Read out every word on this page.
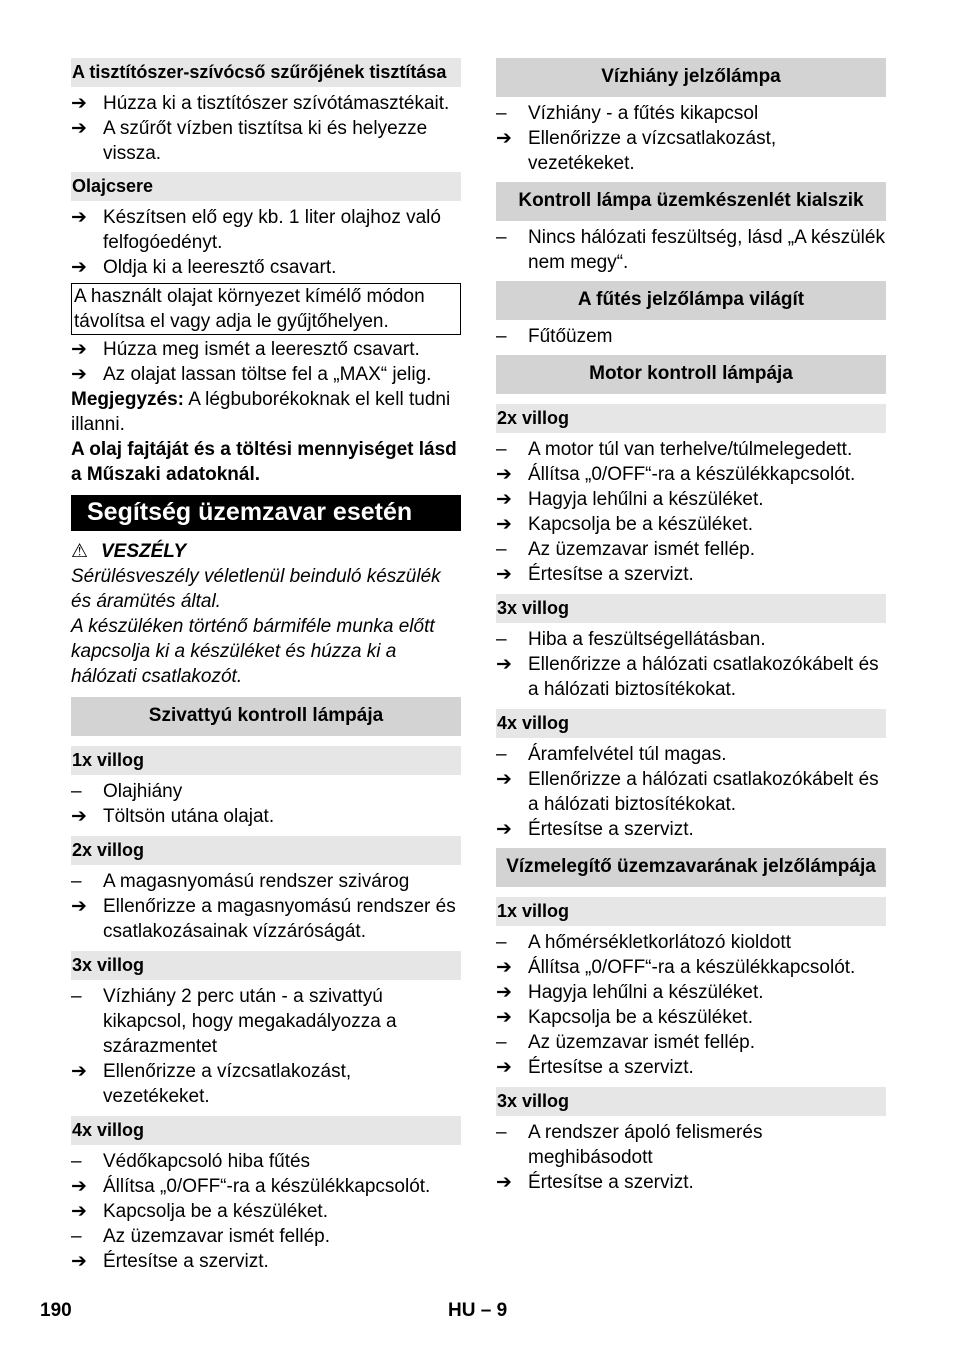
A tisztítószer-szívócső szűrőjének tisztítása
➔ Húzza ki a tisztítószer szívótámasztékait.
➔ A szűrőt vízben tisztítsa ki és helyezze vissza.
Olajcsere
➔ Készítsen elő egy kb. 1 liter olajhoz való felfogóedényt.
➔ Oldja ki a leeresztő csavart.
A használt olajat környezet kímélő módon távolítsa el vagy adja le gyűjtőhelyen.
➔ Húzza meg ismét a leeresztő csavart.
➔ Az olajat lassan töltse fel a „MAX“ jelig.

Megjegyzés: A légbuborékoknak el kell tudni illanni.

A olaj fajtáját és a töltési mennyiséget lásd a Műszaki adatoknál.

Segítség üzemzavar esetén
⚠ VESZÉLY

Sérülésveszély véletlenül beinduló készülék és áramütés által.

A készüléken történő bármiféle munka előtt kapcsolja ki a készüléket és húzza ki a hálózati csatlakozót.

Szivattyú kontroll lámpája
1x villog
–	Olajhiány
➔ Töltsön utána olajat.
2x villog
–	A magasnyomású rendszer szivárog
➔ Ellenőrizze a magasnyomású rendszer és csatlakozásainak vízzáróságát.
3x villog
–	Vízhiány 2 perc után - a szivattyú kikapcsol, hogy megakadályozza a szárazmentet
➔ Ellenőrizze a vízcsatlakozást, vezetékeket.
4x villog
–	Védőkapcsoló hiba fűtés
➔ Állítsa „0/OFF“-ra a készülékkapcsolót.
➔ Kapcsolja be a készüléket.
–	Az üzemzavar ismét fellép.
➔ Értesítse a szervizt.
Vízhiány jelzőlámpa
–	Vízhiány - a fűtés kikapcsol
➔ Ellenőrizze a vízcsatlakozást, vezetékeket.
Kontroll lámpa üzemkészenlét kialszik
–	Nincs hálózati feszültség, lásd „A készülék nem megy“.
A fűtés jelzőlámpa világít
–	Fűtőüzem
Motor kontroll lámpája
2x villog
–	A motor túl van terhelve/túlmelegedett.
➔ Állítsa „0/OFF“-ra a készülékkapcsolót.
➔ Hagyja lehűlni a készüléket.
➔ Kapcsolja be a készüléket.
–	Az üzemzavar ismét fellép.
➔ Értesítse a szervizt.
3x villog
–	Hiba a feszültségellátásban.
➔ Ellenőrizze a hálózati csatlakozókábelt és a hálózati biztosítékokat.
4x villog
–	Áramfelvétel túl magas.
➔ Ellenőrizze a hálózati csatlakozókábelt és a hálózati biztosítékokat.
➔ Értesítse a szervizt.
Vízmelegítő üzemzavarának jelzőlámpája
1x villog
–	A hőmérsékletkorlátozó kioldott
➔ Állítsa „0/OFF“-ra a készülékkapcsolót.
➔ Hagyja lehűlni a készüléket.
➔ Kapcsolja be a készüléket.
–	Az üzemzavar ismét fellép.
➔ Értesítse a szervizt.
3x villog
–	A rendszer ápoló felismerés meghibásodott
➔ Értesítse a szervizt.
190	HU – 9
